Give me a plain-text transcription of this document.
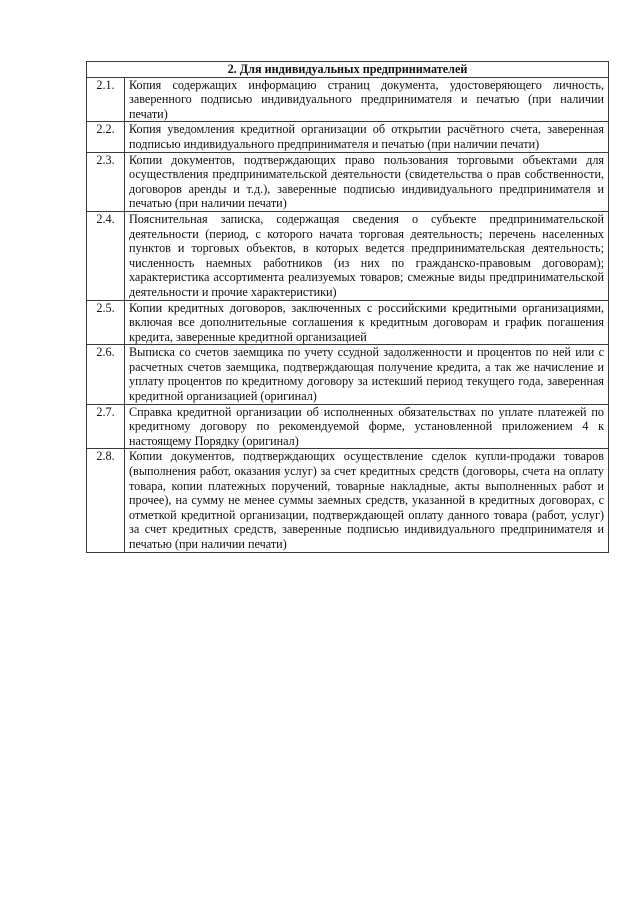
2. Для индивидуальных предпринимателей	
2.1.	Копия содержащих информацию страниц документа, удостоверяющего личность, заверенного подписью индивидуального предпринимателя и печатью (при наличии печати)
2.2.	Копия уведомления кредитной организации об открытии расчётного счета, заверенная подписью индивидуального предпринимателя и печатью (при наличии печати)
2.3.	Копии документов, подтверждающих право пользования торговыми объектами для осуществления предпринимательской деятельности (свидетельства о прав собственности, договоров аренды и т.д.), заверенные подписью индивидуального предпринимателя и печатью (при наличии печати)
2.4.	Пояснительная записка, содержащая сведения о субъекте предпринимательской деятельности (период, с которого начата торговая деятельность; перечень населенных пунктов и торговых объектов, в которых ведется предпринимательская деятельность; численность наемных работников (из них по гражданско-правовым договорам); характеристика ассортимента реализуемых товаров; смежные виды предпринимательской деятельности и прочие характеристики)
2.5.	Копии кредитных договоров, заключенных с российскими кредитными организациями, включая все дополнительные соглашения к кредитным договорам и график погашения кредита, заверенные кредитной организацией
2.6.	Выписка со счетов заемщика по учету ссудной задолженности и процентов по ней или с расчетных счетов заемщика, подтверждающая получение кредита, а так же начисление и уплату процентов по кредитному договору за истекший период текущего года, заверенная кредитной организацией (оригинал)
2.7.	Справка кредитной организации об исполненных обязательствах по уплате платежей по кредитному договору по рекомендуемой форме, установленной приложением 4 к настоящему Порядку (оригинал)
2.8.	Копии документов, подтверждающих осуществление сделок купли-продажи товаров (выполнения работ, оказания услуг) за счет кредитных средств (договоры, счета на оплату товара, копии платежных поручений, товарные накладные, акты выполненных работ и прочее), на сумму не менее суммы заемных средств, указанной в кредитных договорах, с отметкой кредитной организации, подтверждающей оплату данного товара (работ, услуг) за счет кредитных средств, заверенные подписью индивидуального предпринимателя и печатью (при наличии печати)
